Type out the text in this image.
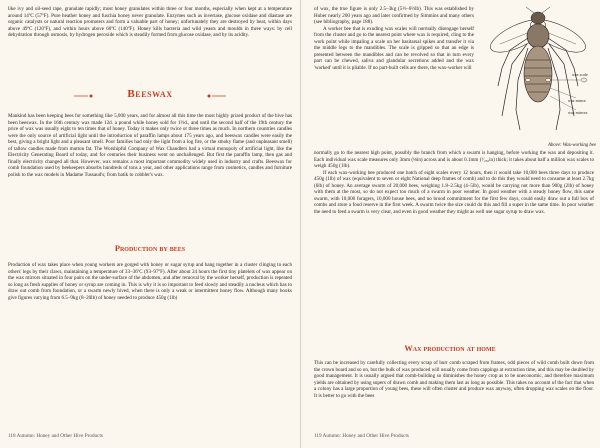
like ivy and oil-seed rape, granulate rapidly; most honey granulates within three or four months, especially when kept at a temperature around 14ºC (57ºF). Pure heather honey and fuschia honey never granulate. Enzymes such as invertase, glucose oxidase and diastase are organic catalysts or natural reaction promoters and form a valuable part of honey; unfortunately they are destroyed by heat, within days above 49ºC (120ºF), and within hours above 60ºC (140ºF). Honey kills bacteria and wild yeasts and moulds in three ways: by cell dehydration through osmosis, by hydrogen peroxide which is steadily formed from glucose oxidase, and by its acidity.

Beeswax

Mankind has been keeping bees for something like 5,000 years, and for almost all this time the most highly prized product of the hive has been beeswax. In the 16th century wax made 12d. a pound while honey sold for 1½d., and until the second half of the 19th century the price of wax was usually eight to ten times that of honey. Today it makes only twice or three times as much. In northern countries candles were the only source of artificial light until the introduction of paraffin lamps about 175 years ago, and beeswax candles were easily the best, giving a bright light and a pleasant smell. Poor families had only the light from a log fire, or the smoky flame (and unpleasant smell) of tallow candles made from mutton fat. The Worshipful Company of Wax Chandlers had a virtual monopoly of artificial light, like the Electricity Generating Board of today, and for centuries their business went on unchallenged. But first the paraffin lamp, then gas and finally electricity changed all that. However, wax remains a most important commodity widely used in industry and crafts. Beeswax for comb foundation used by beekeepers absorbs hundreds of tons a year, and other applications range from cosmetics, candles and furniture polish to the wax models in Madame Tussaud's; from batik to cobbler's wax.

Production by bees

Production of wax takes place when young workers are gorged with honey or sugar syrup and hang together in a cluster clinging to each others' legs by their claws, maintaining a temperature of 33–36ºC (93–97ºF). After about 24 hours the first tiny platelets of wax appear on the wax mirrors situated in four pairs on the under-surface of the abdomen, and after removal by the worker herself, production is repeated so long as fresh supplies of honey or syrup are coming in. This is why it is so important to feed slowly and steadily a nucleus which has to draw out comb from foundation, or a swarm newly hived, when there is only a weak or intermittent honey flow. Although many books give figures varying from 6.5–9kg (8–20lb) of honey needed to produce 450g (1lb)

118 Autumn: Honey and Other Hive Products

of wax, the true figure is only 2.5–3kg (5½–6½lb). This was established by Huber nearly 200 years ago and later confirmed by Simmins and many others (see bibliography, page 188).

A worker bee that is exuding wax scales will normally disengage herself from the cluster and go to the nearest point where wax is required, cling to the work point while impaling a scale on her basitarsal spikes and transfer it via the middle legs to the mandibles. The scale is gripped so that an edge is presented between the mandibles and can be revolved so that in turn every part can be chewed, saliva and glandular secretions added and the wax 'worked' until it is pliable. If no part-built cells are there, the wax-worker will

wax scale
wax mirror
wax mirrors
Above: Wax-working bee

normally go to the nearest high point, possibly the branch from which a swarm is hanging, before working the wax and depositing it. Each individual wax scale measures only 3mm (⅛in) across and is about 0.1mm (¹⁄₂₅₀in) thick; it takes about half a million wax scales to weigh 450g (1lb).

If each wax-working bee produced one batch of eight scales every 12 hours, then it would take 10,000 bees three days to produce 450g (1lb) of wax (equivalent to seven or eight National deep frames of comb) and to do this they would need to consume at least 2.7kg (6lb) of honey. An average swarm of 20,000 bees, weighing 1.8–2.5kg (4–5lb), would be carrying not more than 900g (2lb) of honey with them at the most, so do not expect too much of a swarm in poor weather. In good weather with a steady honey flow, this same swarm, with 10,000 foragers, 10,000 house bees, and no brood commitment for the first few days, could easily draw out a full box of combs and store a food reserve in the first week. A swarm twice the size could do this and fill a super in the same time. In poor weather the need to feed a swarm is very clear, and even in good weather they might as well use sugar syrup to draw wax.

Wax production at home

This can be increased by carefully collecting every scrap of burr comb scraped from frames, odd pieces of wild comb built down from the crown board and so on, but the bulk of wax produced will usually come from cappings at extraction time, and this may be doubled by good management. It is usually argued that comb-building so diminishes the honey crop as to be uneconomic, and therefore maximum yields are obtained by using supers of drawn comb and making them last as long as possible. This takes no account of the fact that when a colony has a large proportion of young bees, these will often cluster and produce wax anyway, often dropping wax scales on the floor. It is better to go with the bees

119 Autumn: Honey and Other Hive Products
